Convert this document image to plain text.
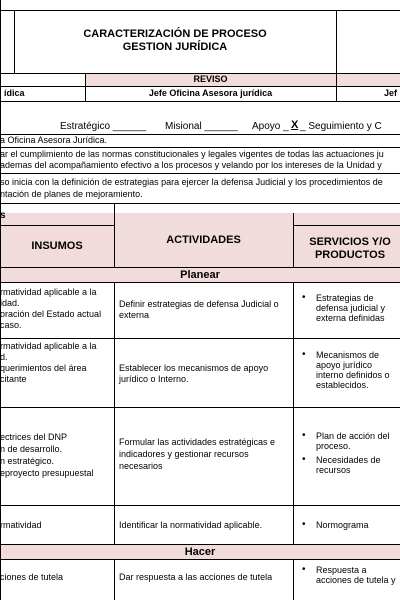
CARACTERIZACIÓN DE PROCESO
GESTION JURÍDICA
REVISO
ídica	Jefe Oficina Asesora jurídica	Jef
Estratégico ______ Misional ______ Apoyo _ X _ Seguimiento y C
a Oficina Asesora Jurídica.
ar el cumplimiento de las normas constitucionales y legales vigentes de todas las actuaciones ju
ademas del acompañamiento efectivo a los procesos y velando por los intereses de la Unidad y
so inicia con la definición de estrategias para ejercer la defensa Judicial y los procedimientos de
ntación de planes de mejoramiento.
s
INSUMOS	ACTIVIDADES	SERVICIOS Y/O PRODUCTOS
Planear
rmatividad aplicable a la
idad.
oración del Estado actual
caso.
Definir estrategias de defensa Judicial o
externa
• Estrategias de
defensa judicial y
externa definidas
rmatividad aplicable a la
d.
querimientos del área
citante
Establecer los mecanismos de apoyo
jurídico o Interno.
• Mecanismos de
apoyo jurídico
interno definidos o
establecidos.
ectrices del DNP
n de desarrollo.
n estratégico.
eproyecto presupuestal
Formular las actividades estratégicas e
indicadores y gestionar recursos
necesarios
• Plan de acción del
proceso.
• Necesidades de
recursos
rmatividad	Identificar la normatividad aplicable.
•	Normograma
Hacer
ciones de tutela	Dar respuesta a las acciones de tutela
• Respuesta a
acciones de tutela y
